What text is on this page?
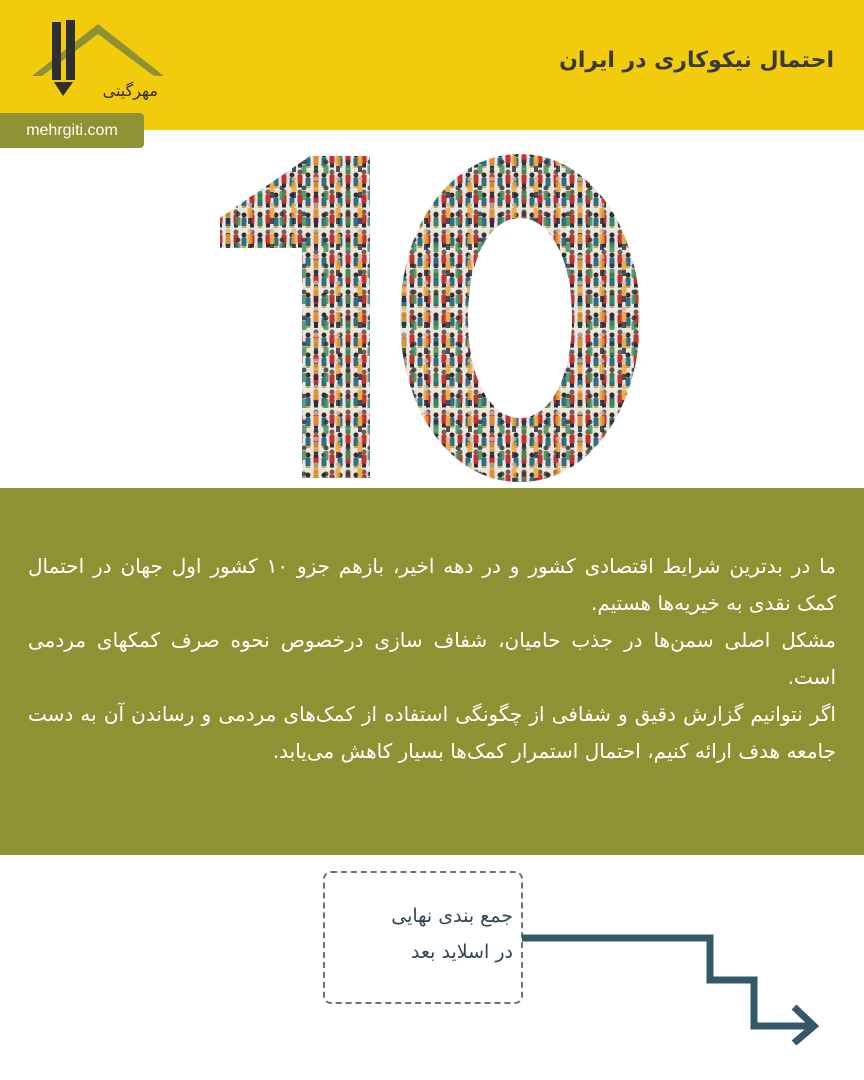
احتمال نیکوکاری در ایران
مهرگیتی
mehrgiti.com

ما در بدترین شرایط اقتصادی کشور و در دهه اخیر، بازهم جزو ۱۰ کشور اول جهان در احتمال کمک نقدی به خیریه‌ها هستیم.

مشکل اصلی سمن‌ها در جذب حامیان، شفاف سازی درخصوص نحوه صرف کمکهای مردمی است.

اگر نتوانیم گزارش دقیق و شفافی از چگونگی استفاده از کمک‌های مردمی و رساندن آن به دست جامعه هدف ارائه کنیم، احتمال استمرار کمک‌ها بسیار کاهش می‌یابد.

جمع بندی نهایی
در اسلاید بعد
